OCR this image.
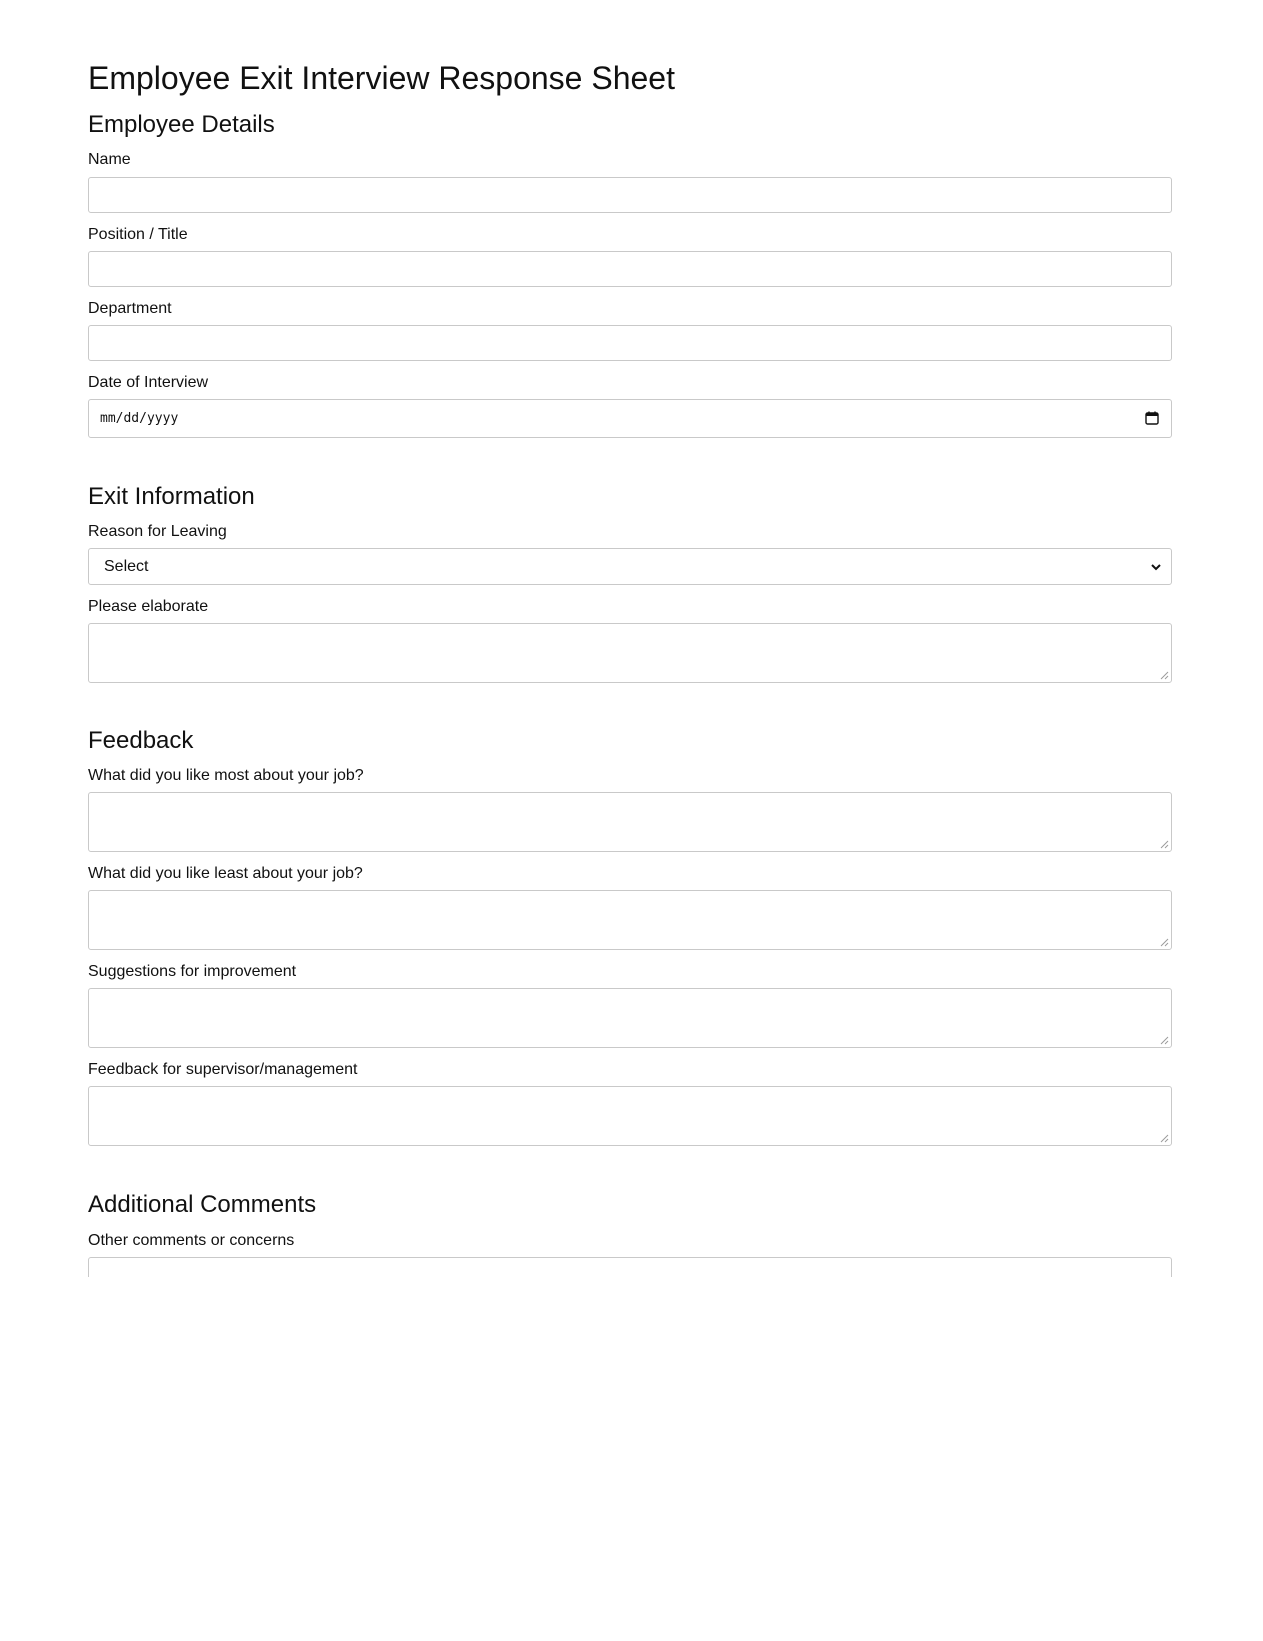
Employee Exit Interview Response Sheet
Employee Details
Name
Position / Title
Department
Date of Interview
mm/dd/yyyy
Exit Information
Reason for Leaving
Select
Please elaborate
Feedback
What did you like most about your job?
What did you like least about your job?
Suggestions for improvement
Feedback for supervisor/management
Additional Comments
Other comments or concerns
